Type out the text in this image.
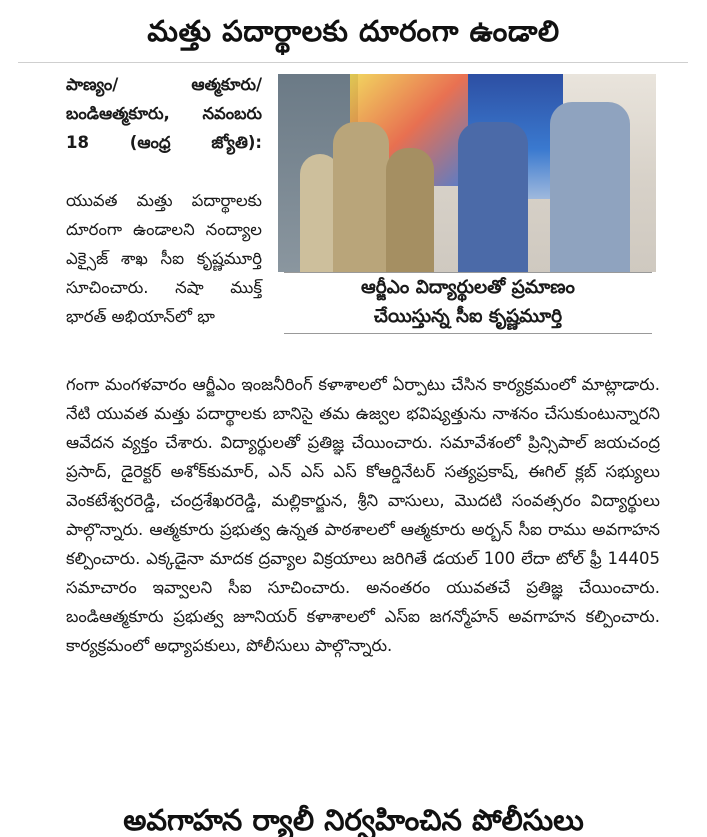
మత్తు పదార్థాలకు దూరంగా ఉండాలి
పాణ్యం/ ఆత్మకూరు/ బండిఆత్మకూరు, నవంబరు 18 (ఆంధ్ర జ్యోతి):
యువత మత్తు పదార్థాలకు దూరంగా ఉండాలని నంద్యాల ఎక్సైజ్ శాఖ సీఐ కృష్ణమూర్తి సూచించారు. నషా ముక్త్ భారత్ అభియాన్‌లో భా
ఆర్జీఎం విద్యార్థులతో ప్రమాణం
చేయిస్తున్న సీఐ కృష్ణమూర్తి
గంగా మంగళవారం ఆర్జీఎం ఇంజనీరింగ్ కళాశాలలో ఏర్పాటు చేసిన కార్యక్రమంలో మాట్లాడారు. నేటి యువత మత్తు పదార్థాలకు బానిసై తమ ఉజ్వల భవిష్యత్తును నాశనం చేసుకుంటున్నారని ఆవేదన వ్యక్తం చేశారు. విద్యార్థులతో ప్రతిజ్ఞ చేయించారు. సమావేశంలో ప్రిన్సిపాల్ జయచంద్ర ప్రసాద్, డైరెక్టర్ అశోక్‌కుమార్, ఎన్ ఎస్ ఎస్ కోఆర్డినేటర్ సత్యప్రకాష్, ఈగిల్ క్లబ్ సభ్యులు వెంకటేశ్వరరెడ్డి, చంద్రశేఖరరెడ్డి, మల్లికార్జున, శ్రీని వాసులు, మొదటి సంవత్సరం విద్యార్థులు పాల్గొన్నారు. ఆత్మకూరు ప్రభుత్వ ఉన్నత పాఠశాలలో ఆత్మకూరు అర్బన్ సీఐ రాము అవగాహన కల్పించారు. ఎక్కడైనా మాదక ద్రవ్యాల విక్రయాలు జరిగితే డయల్ 100 లేదా టోల్ ఫ్రీ 14405 సమాచారం ఇవ్వాలని సీఐ సూచించారు. అనంతరం యువతచే ప్రతిజ్ఞ చేయించారు. బండిఆత్మకూరు ప్రభుత్వ జూనియర్ కళాశాలలో ఎస్ఐ జగన్మోహన్ అవగాహన కల్పించారు. కార్యక్రమంలో అధ్యాపకులు, పోలీసులు పాల్గొన్నారు.
అవగాహన ర్యాలీ నిర్వహించిన పోలీసులు
